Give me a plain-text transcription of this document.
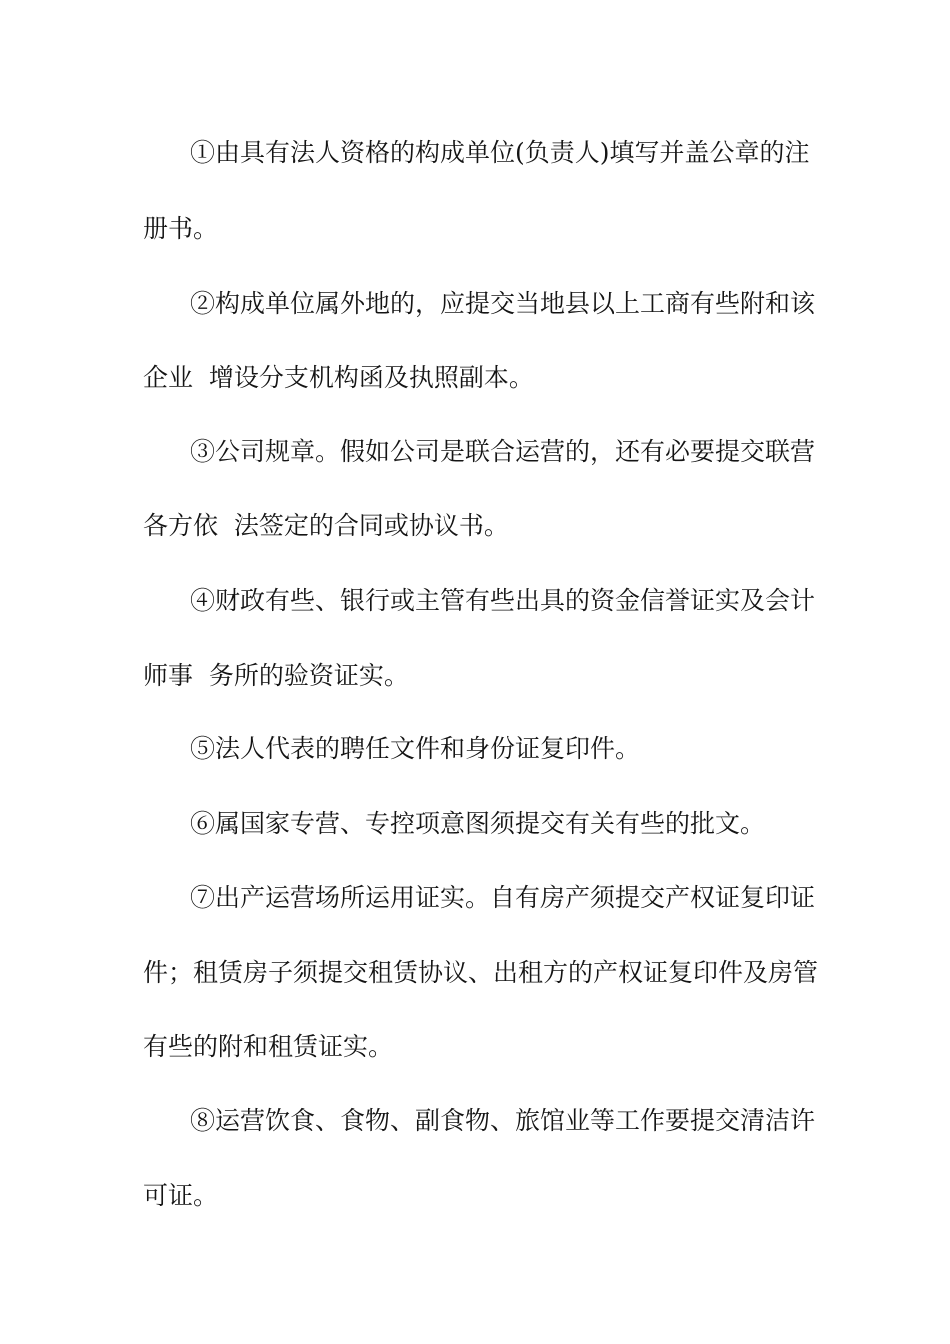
①由具有法人资格的构成单位(负责人)填写并盖公章的注
册书。
②构成单位属外地的，应提交当地县以上工商有些附和该
企业  增设分支机构函及执照副本。
③公司规章。假如公司是联合运营的，还有必要提交联营
各方依  法签定的合同或协议书。
④财政有些、银行或主管有些出具的资金信誉证实及会计
师事  务所的验资证实。
⑤法人代表的聘任文件和身份证复印件。
⑥属国家专营、专控项意图须提交有关有些的批文。
⑦出产运营场所运用证实。自有房产须提交产权证复印证
件；租赁房子须提交租赁协议、出租方的产权证复印件及房管
有些的附和租赁证实。
⑧运营饮食、食物、副食物、旅馆业等工作要提交清洁许
可证。
